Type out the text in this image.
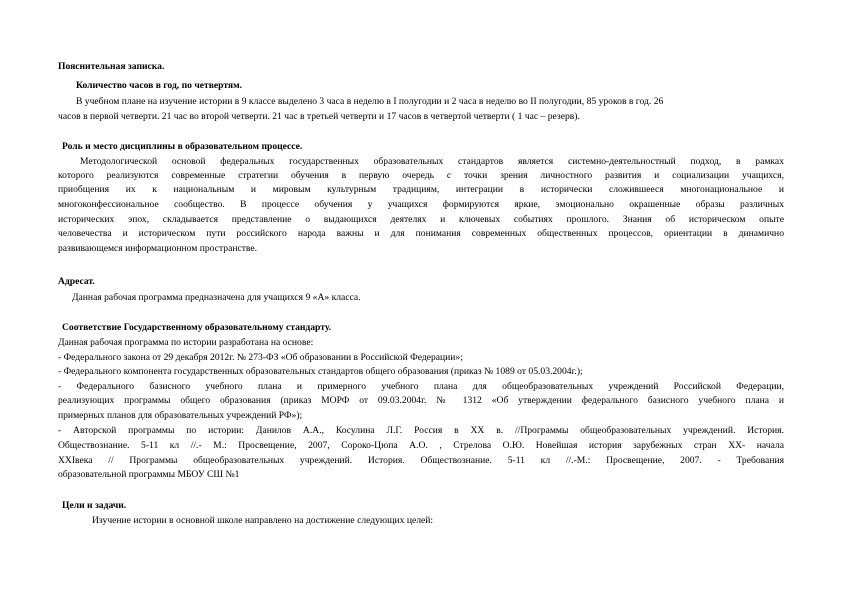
Пояснительная записка.

Количество часов в год, по четвертям.

В учебном плане на изучение истории в 9 классе выделено 3 часа в неделю в I полугодии и 2 часа в неделю во II полугодии, 85 уроков в год. 26

часов в первой четверти. 21 час во второй четверти. 21 час в третьей четверти и 17 часов в четвертой четверти ( 1 час – резерв).

Роль и место дисциплины в образовательном процессе.

Методологической основой федеральных государственных образовательных стандартов является системно-деятельностный подход, в рамках

которого реализуются современные стратегии обучения в первую очередь с точки зрения личностного развития и социализации учащихся,

приобщения их к национальным и мировым культурным традициям, интеграции в исторически сложившееся многонациональное и

многоконфессиональное сообщество. В процессе обучения у учащихся формируются яркие, эмоционально окрашенные образы различных

исторических эпох, складывается представление о выдающихся деятелях и ключевых событиях прошлого. Знания об историческом опыте

человечества и историческом пути российского народа важны и для понимания современных общественных процессов, ориентации в динамично

развивающемся информационном пространстве.

Адресат.

Данная рабочая программа предназначена для учащихся 9 «А» класса.

Соответствие Государственному образовательному стандарту.

Данная рабочая программа по истории разработана на основе:

- Федерального закона от 29 декабря 2012г. № 273-ФЗ «Об образовании в Российской Федерации»;

- Федерального компонента государственных образовательных стандартов общего образования (приказ № 1089 от 05.03.2004г.);

- Федерального базисного учебного плана и примерного учебного плана для общеобразовательных учреждений Российской Федерации,

реализующих программы общего образования (приказ МОРФ от 09.03.2004г. № 1312 «Об утверждении федерального базисного учебного плана и

примерных планов для образовательных учреждений РФ»);

- Авторской программы по истории: Данилов А.А., Косулина Л.Г. Россия в XX в. //Программы общеобразовательных учреждений. История.

Обществознание. 5-11 кл //.- М.: Просвещение, 2007, Сороко-Цюпа А.О. , Стрелова О.Ю. Новейшая история зарубежных стран XX- начала

XXIвека // Программы общеобразовательных учреждений. История. Обществознание. 5-11 кл //.-М.: Просвещение, 2007. - Требования

образовательной программы МБОУ СШ №1

Цели и задачи.

Изучение истории в основной школе направлено на достижение следующих целей:
